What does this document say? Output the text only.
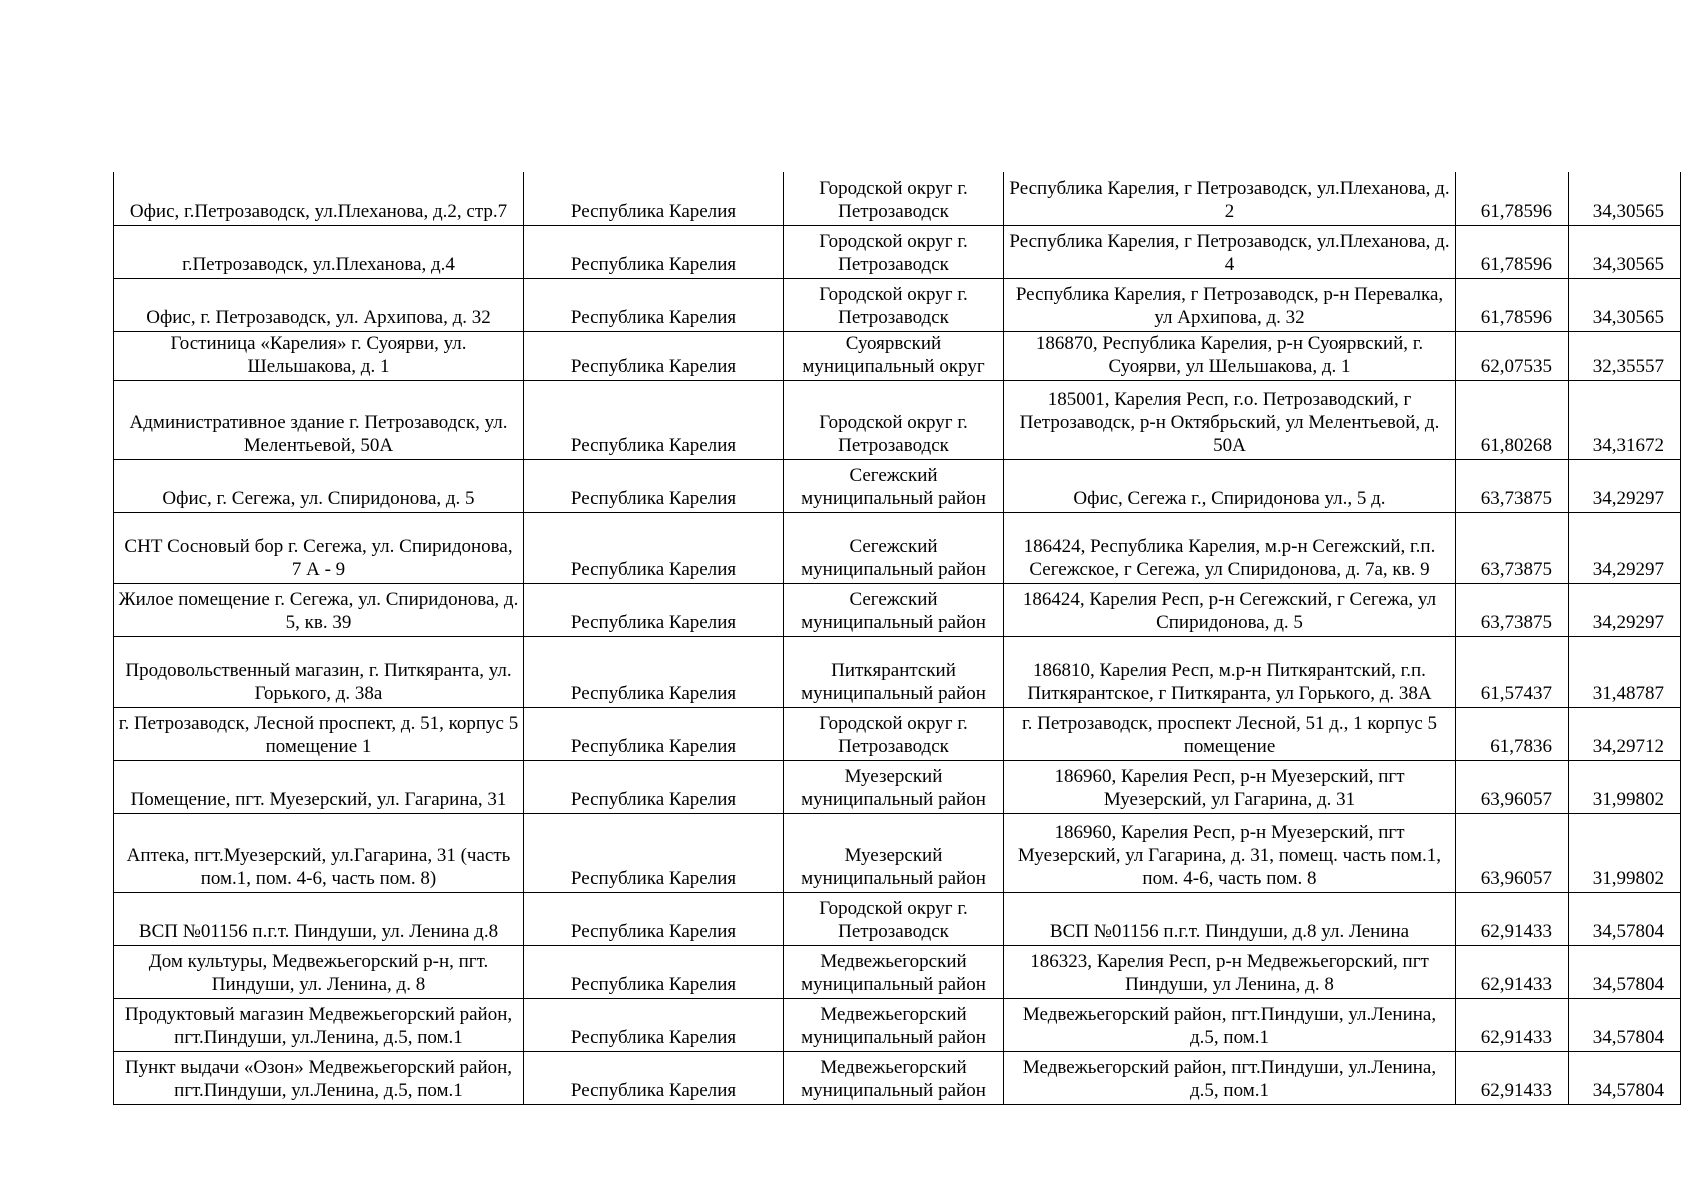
Офис, г.Петрозаводск, ул.Плеханова, д.2, стр.7	Республика Карелия	Городской округ г. Петрозаводск	Республика Карелия, г Петрозаводск, ул.Плеханова, д. 2	61,78596	34,30565
г.Петрозаводск, ул.Плеханова, д.4	Республика Карелия	Городской округ г. Петрозаводск	Республика Карелия, г Петрозаводск, ул.Плеханова, д. 4	61,78596	34,30565
Офис, г. Петрозаводск, ул. Архипова, д. 32	Республика Карелия	Городской округ г. Петрозаводск	Республика Карелия, г Петрозаводск, р-н Перевалка, ул Архипова, д. 32	61,78596	34,30565
Гостиница «Карелия» г. Суоярви, ул. Шельшакова, д. 1	Республика Карелия	Суоярвский муниципальный округ	186870, Республика Карелия, р-н Суоярвский, г. Суоярви, ул Шельшакова, д. 1	62,07535	32,35557
Административное здание г. Петрозаводск, ул. Мелентьевой, 50А	Республика Карелия	Городской округ г. Петрозаводск	185001, Карелия Респ, г.о. Петрозаводский, г Петрозаводск, р-н Октябрьский, ул Мелентьевой, д. 50А	61,80268	34,31672
Офис, г. Сегежа, ул. Спиридонова, д. 5	Республика Карелия	Сегежский муниципальный район	Офис, Сегежа г., Спиридонова ул., 5 д.	63,73875	34,29297
СНТ Сосновый бор г. Сегежа, ул. Спиридонова, 7 А - 9	Республика Карелия	Сегежский муниципальный район	186424, Республика Карелия, м.р-н Сегежский, г.п. Сегежское, г Сегежа, ул Спиридонова, д. 7а, кв. 9	63,73875	34,29297
Жилое помещение г. Сегежа, ул. Спиридонова, д. 5, кв. 39	Республика Карелия	Сегежский муниципальный район	186424, Карелия Респ, р-н Сегежский, г Сегежа, ул Спиридонова, д. 5	63,73875	34,29297
Продовольственный магазин, г. Питкяранта, ул. Горького, д. 38а	Республика Карелия	Питкярантский муниципальный район	186810, Карелия Респ, м.р-н Питкярантский, г.п. Питкярантское, г Питкяранта, ул Горького, д. 38А	61,57437	31,48787
г. Петрозаводск, Лесной проспект, д. 51, корпус 5 помещение 1	Республика Карелия	Городской округ г. Петрозаводск	г. Петрозаводск, проспект Лесной, 51 д., 1 корпус 5 помещение	61,7836	34,29712
Помещение, пгт. Муезерский, ул. Гагарина, 31	Республика Карелия	Муезерский муниципальный район	186960, Карелия Респ, р-н Муезерский, пгт Муезерский, ул Гагарина, д. 31	63,96057	31,99802
Аптека, пгт.Муезерский, ул.Гагарина, 31 (часть пом.1, пом. 4-6, часть пом. 8)	Республика Карелия	Муезерский муниципальный район	186960, Карелия Респ, р-н Муезерский, пгт Муезерский, ул Гагарина, д. 31, помещ. часть пом.1, пом. 4-6, часть пом. 8	63,96057	31,99802
ВСП №01156 п.г.т. Пиндуши, ул. Ленина д.8	Республика Карелия	Городской округ г. Петрозаводск	ВСП №01156 п.г.т. Пиндуши, д.8 ул. Ленина	62,91433	34,57804
Дом культуры, Медвежьегорский р-н, пгт. Пиндуши, ул. Ленина, д. 8	Республика Карелия	Медвежьегорский муниципальный район	186323, Карелия Респ, р-н Медвежьегорский, пгт Пиндуши, ул Ленина, д. 8	62,91433	34,57804
Продуктовый магазин Медвежьегорский район, пгт.Пиндуши, ул.Ленина, д.5, пом.1	Республика Карелия	Медвежьегорский муниципальный район	Медвежьегорский район, пгт.Пиндуши, ул.Ленина, д.5, пом.1	62,91433	34,57804
Пункт выдачи «Озон» Медвежьегорский район, пгт.Пиндуши, ул.Ленина, д.5, пом.1	Республика Карелия	Медвежьегорский муниципальный район	Медвежьегорский район, пгт.Пиндуши, ул.Ленина, д.5, пом.1	62,91433	34,57804
